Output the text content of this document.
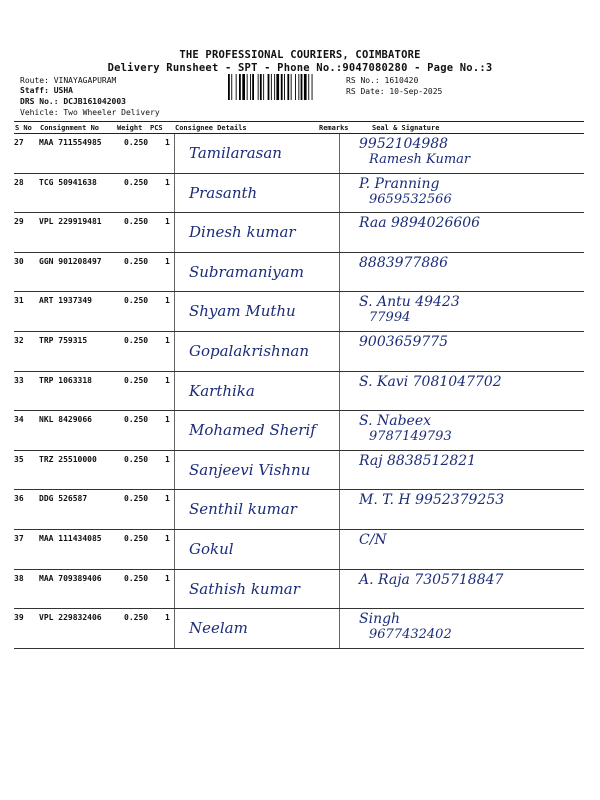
THE PROFESSIONAL COURIERS, COIMBATORE
Delivery Runsheet - SPT - Phone No.:9047080280 - Page No.:3
Route: VINAYAGAPURAM
Staff: USHA
DRS No.: DCJB161042003
Vehicle: Two Wheeler Delivery
RS No.: 1610420
RS Date: 10-Sep-2025
S No Consignment No	Weight PCS Consignee Details	Remarks	Seal & Signature
27 MAA 711554985	0.250 1
Tamilarasan	9952104988
Ramesh Kumar
28 TCG 50941638	0.250 1
Prasanth	P. Pranning
9659532566
29 VPL 229919481	0.250 1
Dinesh kumar	Raa 9894026606
30 GGN 901208497	0.250 1
Subramaniyam	8883977886
31 ART 1937349	0.250 1
Shyam Muthu	S. Antu 49423
77994
32 TRP 759315	0.250 1
Gopalakrishnan	9003659775
33 TRP 1063318	0.250 1
Karthika	S. Kavi 7081047702
34 NKL 8429066	0.250 1
Mohamed Sherif	S. Nabeex
9787149793
35 TRZ 25510000	0.250 1
Sanjeevi Vishnu	Raj 8838512821
36 DDG 526587	0.250 1
Senthil kumar	M. T. H 9952379253
37 MAA 111434085	0.250 1
Gokul	C/N
38 MAA 709389406	0.250 1
Sathish kumar	A. Raja 7305718847
39 VPL 229832406	0.250 1
Neelam	Singh
9677432402
